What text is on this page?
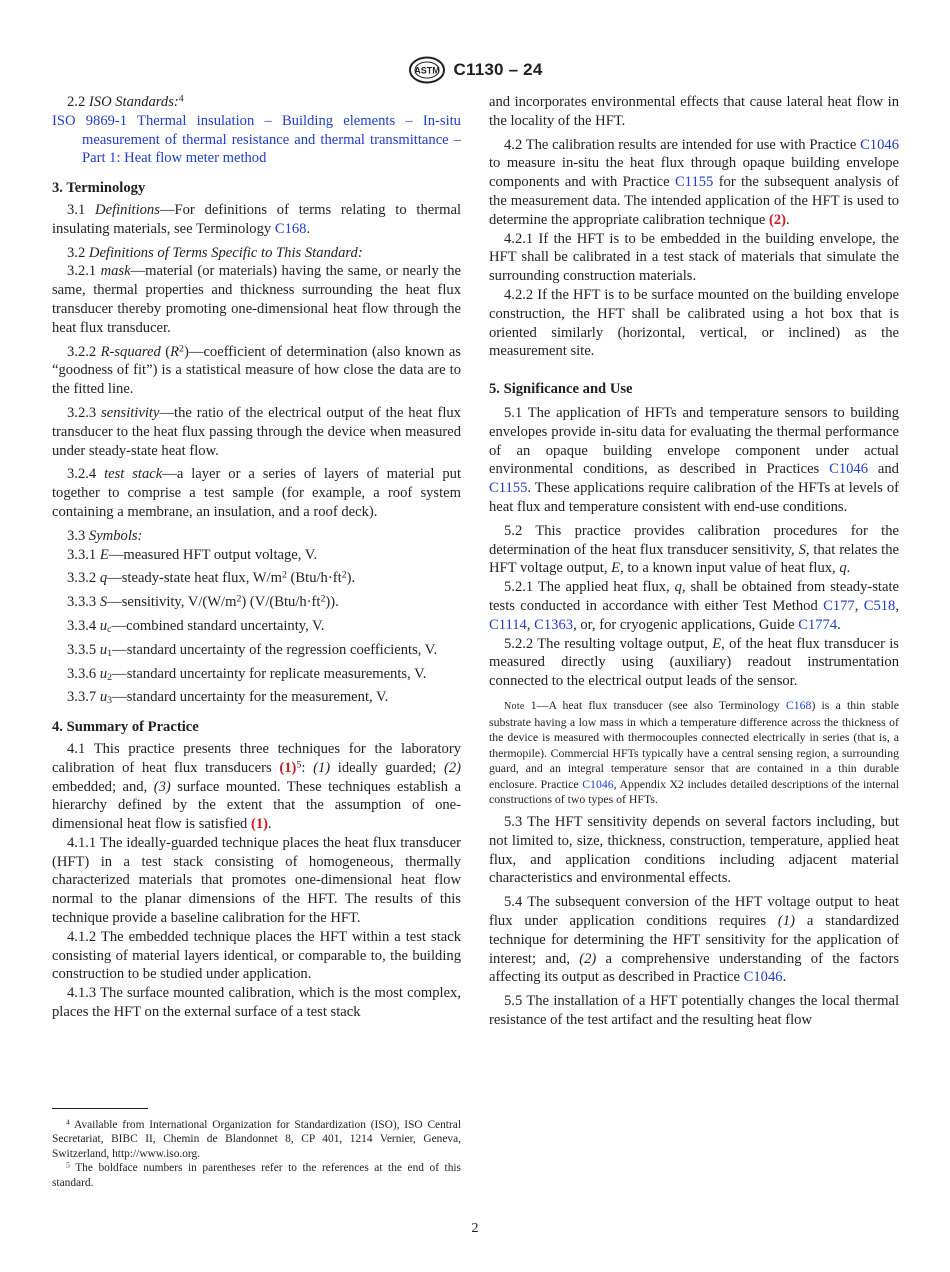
ASTM C1130 – 24

2.2 ISO Standards:$^4$

ISO 9869-1 Thermal insulation – Building elements – In-situ measurement of thermal resistance and thermal transmittance – Part 1: Heat flow meter method

3. Terminology

3.1 Definitions—For definitions of terms relating to thermal insulating materials, see Terminology C168.

3.2 Definitions of Terms Specific to This Standard:

3.2.1 mask—material (or materials) having the same, or nearly the same, thermal properties and thickness surrounding the heat flux transducer thereby promoting one-dimensional heat flow through the heat flux transducer.

3.2.2 R-squared $(R^2)—coefficient$ of determination (also known as “goodness of fit”) is a statistical measure of how close the data are to the fitted line.

3.2.3 sensitivity—the ratio of the electrical output of the heat flux transducer to the heat flux passing through the device when measured under steady-state heat flow.

3.2.4 test stack—a layer or a series of layers of material put together to comprise a test sample (for example, a roof system containing a membrane, an insulation, and a roof deck).

3.3 Symbols:

3.3.1 E—measured HFT output voltage, V.

3.3.2 q—steady-state heat flux, $W/m^2$ $(Btu/h\cdot ft^2)$.

3.3.3 S—sensitivity, $V/(W/m^2)$ $(V/(Btu/h\cdot ft^2))$.

3.3.4 $u_c—combined$ standard uncertainty, V.

3.3.5 $u_1—standard$ uncertainty of the regression coefficients, V.

3.3.6 $u_2—standard$ uncertainty for replicate measurements, V.

3.3.7 $u_3—standard$ uncertainty for the measurement, V.

4. Summary of Practice

4.1 This practice presents three techniques for the laboratory calibration of heat flux transducers $(1)^5$: (1) ideally guarded; (2) embedded; and, (3) surface mounted. These techniques establish a hierarchy defined by the extent that the assumption of one-dimensional heat flow is satisfied (1).

4.1.1 The ideally-guarded technique places the heat flux transducer (HFT) in a test stack consisting of homogeneous, thermally characterized materials that promotes one-dimensional heat flow normal to the planar dimensions of the HFT. The results of this technique provide a baseline calibration for the HFT.

4.1.2 The embedded technique places the HFT within a test stack consisting of material layers identical, or comparable to, the building construction to be studied under application.

4.1.3 The surface mounted calibration, which is the most complex, places the HFT on the external surface of a test stack

and incorporates environmental effects that cause lateral heat flow in the locality of the HFT.

4.2 The calibration results are intended for use with Practice C1046 to measure in-situ the heat flux through opaque building envelope components and with Practice C1155 for the subsequent analysis of the measurement data. The intended application of the HFT is used to determine the appropriate calibration technique (2).

4.2.1 If the HFT is to be embedded in the building envelope, the HFT shall be calibrated in a test stack of materials that simulate the surrounding construction materials.

4.2.2 If the HFT is to be surface mounted on the building envelope construction, the HFT shall be calibrated using a hot box that is oriented similarly (horizontal, vertical, or inclined) as the measurement site.

5. Significance and Use

5.1 The application of HFTs and temperature sensors to building envelopes provide in-situ data for evaluating the thermal performance of an opaque building envelope component under actual environmental conditions, as described in Practices C1046 and C1155. These applications require calibration of the HFTs at levels of heat flux and temperature consistent with end-use conditions.

5.2 This practice provides calibration procedures for the determination of the heat flux transducer sensitivity, S, that relates the HFT voltage output, E, to a known input value of heat flux, q.

5.2.1 The applied heat flux, q, shall be obtained from steady-state tests conducted in accordance with either Test Method C177, C518, C1114, C1363, or, for cryogenic applications, Guide C1774.

5.2.2 The resulting voltage output, E, of the heat flux transducer is measured directly using (auxiliary) readout instrumentation connected to the electrical output leads of the sensor.

Note 1—A heat flux transducer (see also Terminology C168) is a thin stable substrate having a low mass in which a temperature difference across the thickness of the device is measured with thermocouples connected electrically in series (that is, a thermopile). Commercial HFTs typically have a central sensing region, a surrounding guard, and an integral temperature sensor that are contained in a thin durable enclosure. Practice C1046, Appendix X2 includes detailed descriptions of the internal constructions of two types of HFTs.

5.3 The HFT sensitivity depends on several factors including, but not limited to, size, thickness, construction, temperature, applied heat flux, and application conditions including adjacent material characteristics and environmental effects.

5.4 The subsequent conversion of the HFT voltage output to heat flux under application conditions requires (1) a standardized technique for determining the HFT sensitivity for the application of interest; and, (2) a comprehensive understanding of the factors affecting its output as described in Practice C1046.

5.5 The installation of a HFT potentially changes the local thermal resistance of the test artifact and the resulting heat flow

$^4$ Available from International Organization for Standardization (ISO), ISO Central Secretariat, BIBC II, Chemin de Blandonnet 8, CP 401, 1214 Vernier, Geneva, Switzerland, http://www.iso.org.

$^5$ The boldface numbers in parentheses refer to the references at the end of this standard.

2
